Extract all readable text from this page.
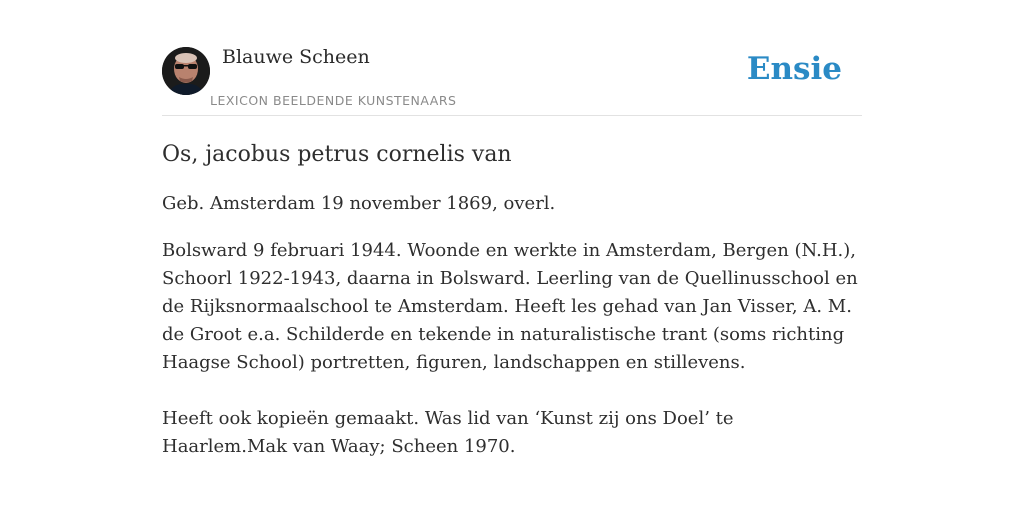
Blauwe Scheen
LEXICON BEELDENDE KUNSTENAARS
Ensie
Os, jacobus petrus cornelis van

Geb. Amsterdam 19 november 1869, overl.

Bolsward 9 februari 1944. Woonde en werkte in Amsterdam, Bergen (N.H.), Schoorl 1922-1943, daarna in Bolsward. Leerling van de Quellinusschool en de Rijksnormaalschool te Amsterdam. Heeft les gehad van Jan Visser, A. M. de Groot e.a. Schilderde en tekende in naturalistische trant (soms richting Haagse School) portretten, figuren, landschappen en stillevens.

Heeft ook kopieën gemaakt. Was lid van ‘Kunst zij ons Doel’ te Haarlem.Mak van Waay; Scheen 1970.
